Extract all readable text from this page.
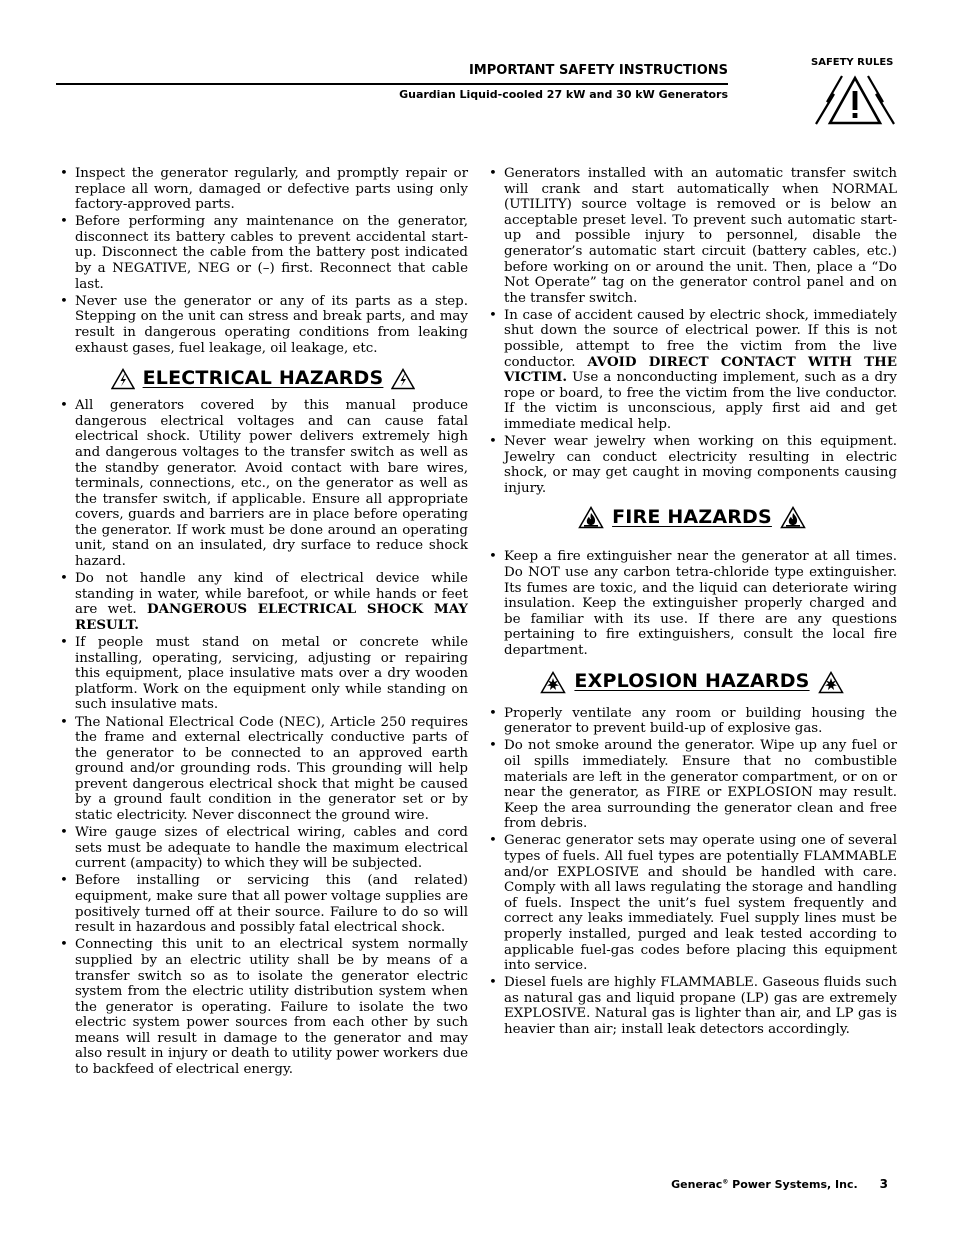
IMPORTANT SAFETY INSTRUCTIONS
Guardian Liquid-cooled 27 kW and 30 kW Generators
SAFETY RULES
• Inspect the generator regularly, and promptly repair or replace all worn, damaged or defective parts using only factory-approved parts.
• Before performing any maintenance on the generator, disconnect its battery cables to prevent accidental start-up. Disconnect the cable from the battery post indicated by a NEGATIVE, NEG or (–) first. Reconnect that cable last.
• Never use the generator or any of its parts as a step. Stepping on the unit can stress and break parts, and may result in dangerous operating conditions from leaking exhaust gases, fuel leakage, oil leakage, etc.
ELECTRICAL HAZARDS
• All generators covered by this manual produce dangerous electrical voltages and can cause fatal electrical shock. Utility power delivers extremely high and dangerous voltages to the transfer switch as well as the standby generator. Avoid contact with bare wires, terminals, connections, etc., on the generator as well as the transfer switch, if applicable. Ensure all appropriate covers, guards and barriers are in place before operating the generator. If work must be done around an operating unit, stand on an insulated, dry surface to reduce shock hazard.
• Do not handle any kind of electrical device while standing in water, while barefoot, or while hands or feet are wet. DANGEROUS ELECTRICAL SHOCK MAY RESULT.
• If people must stand on metal or concrete while installing, operating, servicing, adjusting or repairing this equipment, place insulative mats over a dry wooden platform. Work on the equipment only while standing on such insulative mats.
• The National Electrical Code (NEC), Article 250 requires the frame and external electrically conductive parts of the generator to be connected to an approved earth ground and/or grounding rods. This grounding will help prevent dangerous electrical shock that might be caused by a ground fault condition in the generator set or by static electricity. Never disconnect the ground wire.
• Wire gauge sizes of electrical wiring, cables and cord sets must be adequate to handle the maximum electrical current (ampacity) to which they will be subjected.
• Before installing or servicing this (and related) equipment, make sure that all power voltage supplies are positively turned off at their source. Failure to do so will result in hazardous and possibly fatal electrical shock.
• Connecting this unit to an electrical system normally supplied by an electric utility shall be by means of a transfer switch so as to isolate the generator electric system from the electric utility distribution system when the generator is operating. Failure to isolate the two electric system power sources from each other by such means will result in damage to the generator and may also result in injury or death to utility power workers due to backfeed of electrical energy.
• Generators installed with an automatic transfer switch will crank and start automatically when NORMAL (UTILITY) source voltage is removed or is below an acceptable preset level. To prevent such automatic start-up and possible injury to personnel, disable the generator’s automatic start circuit (battery cables, etc.) before working on or around the unit. Then, place a “Do Not Operate” tag on the generator control panel and on the transfer switch.
• In case of accident caused by electric shock, immediately shut down the source of electrical power. If this is not possible, attempt to free the victim from the live conductor. AVOID DIRECT CONTACT WITH THE VICTIM. Use a nonconducting implement, such as a dry rope or board, to free the victim from the live conductor. If the victim is unconscious, apply first aid and get immediate medical help.
• Never wear jewelry when working on this equipment. Jewelry can conduct electricity resulting in electric shock, or may get caught in moving components causing injury.
FIRE HAZARDS
• Keep a fire extinguisher near the generator at all times. Do NOT use any carbon tetra-chloride type extinguisher. Its fumes are toxic, and the liquid can deteriorate wiring insulation. Keep the extinguisher properly charged and be familiar with its use. If there are any questions pertaining to fire extinguishers, consult the local fire department.
EXPLOSION HAZARDS
• Properly ventilate any room or building housing the generator to prevent build-up of explosive gas.
• Do not smoke around the generator. Wipe up any fuel or oil spills immediately. Ensure that no combustible materials are left in the generator compartment, or on or near the generator, as FIRE or EXPLOSION may result. Keep the area surrounding the generator clean and free from debris.
• Generac generator sets may operate using one of several types of fuels. All fuel types are potentially FLAMMABLE and/or EXPLOSIVE and should be handled with care. Comply with all laws regulating the storage and handling of fuels. Inspect the unit’s fuel system frequently and correct any leaks immediately. Fuel supply lines must be properly installed, purged and leak tested according to applicable fuel-gas codes before placing this equipment into service.
• Diesel fuels are highly FLAMMABLE. Gaseous fluids such as natural gas and liquid propane (LP) gas are extremely EXPLOSIVE. Natural gas is lighter than air, and LP gas is heavier than air; install leak detectors accordingly.
Generac® Power Systems, Inc. 3
